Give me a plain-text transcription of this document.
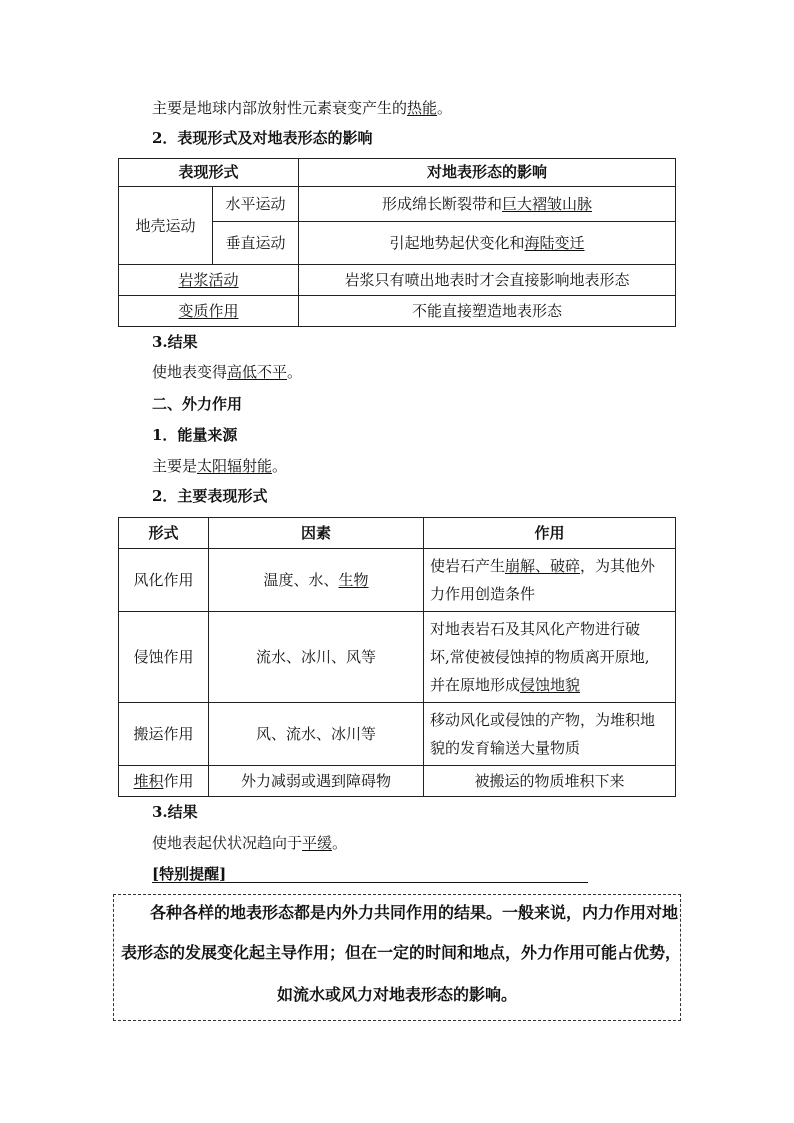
主要是地球内部放射性元素衰变产生的热能。
2．表现形式及对地表形态的影响
表现形式		对地表形态的影响
地壳运动	水平运动	形成绵长断裂带和巨大褶皱山脉
	垂直运动	引起地势起伏变化和海陆变迁
岩浆活动		岩浆只有喷出地表时才会直接影响地表形态
变质作用		不能直接塑造地表形态
3.结果
使地表变得高低不平。
二、外力作用
1．能量来源
主要是太阳辐射能。
2．主要表现形式
形式	因素	作用
风化作用	温度、水、生物	使岩石产生崩解、破碎，为其他外
力作用创造条件

侵蚀作用	流水、冰川、风等	对地表岩石及其风化产物进行破
坏,常使被侵蚀掉的物质离开原地,
并在原地形成侵蚀地貌

搬运作用	风、流水、冰川等	移动风化或侵蚀的产物，为堆积地
貌的发育输送大量物质

堆积作用	外力减弱或遇到障碍物	被搬运的物质堆积下来
3.结果
使地表起伏状况趋向于平缓。
[特别提醒]
各种各样的地表形态都是内外力共同作用的结果。一般来说，内力作用对地
表形态的发展变化起主导作用；但在一定的时间和地点，外力作用可能占优势，
如流水或风力对地表形态的影响。
